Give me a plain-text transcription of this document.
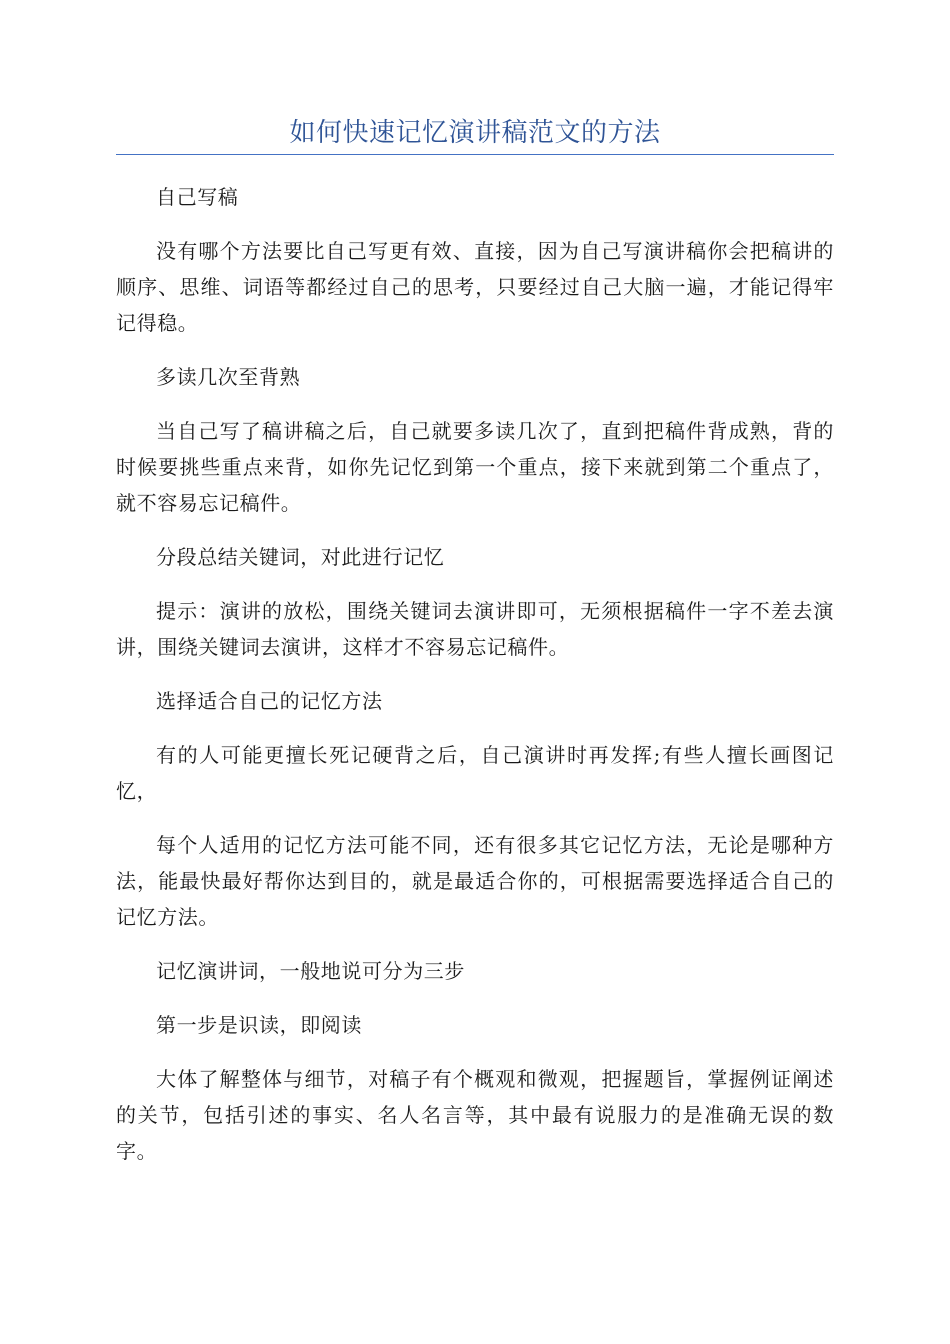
如何快速记忆演讲稿范文的方法

自己写稿

没有哪个方法要比自己写更有效、直接，因为自己写演讲稿你会把稿讲的顺序、思维、词语等都经过自己的思考，只要经过自己大脑一遍，才能记得牢记得稳。

多读几次至背熟

当自己写了稿讲稿之后，自己就要多读几次了，直到把稿件背成熟，背的时候要挑些重点来背，如你先记忆到第一个重点，接下来就到第二个重点了，就不容易忘记稿件。

分段总结关键词，对此进行记忆

提示：演讲的放松，围绕关键词去演讲即可，无须根据稿件一字不差去演讲，围绕关键词去演讲，这样才不容易忘记稿件。

选择适合自己的记忆方法

有的人可能更擅长死记硬背之后，自己演讲时再发挥;有些人擅长画图记忆，

每个人适用的记忆方法可能不同，还有很多其它记忆方法，无论是哪种方法，能最快最好帮你达到目的，就是最适合你的，可根据需要选择适合自己的记忆方法。

记忆演讲词，一般地说可分为三步

第一步是识读，即阅读

大体了解整体与细节，对稿子有个概观和微观，把握题旨，掌握例证阐述的关节，包括引述的事实、名人名言等，其中最有说服力的是准确无误的数字。
